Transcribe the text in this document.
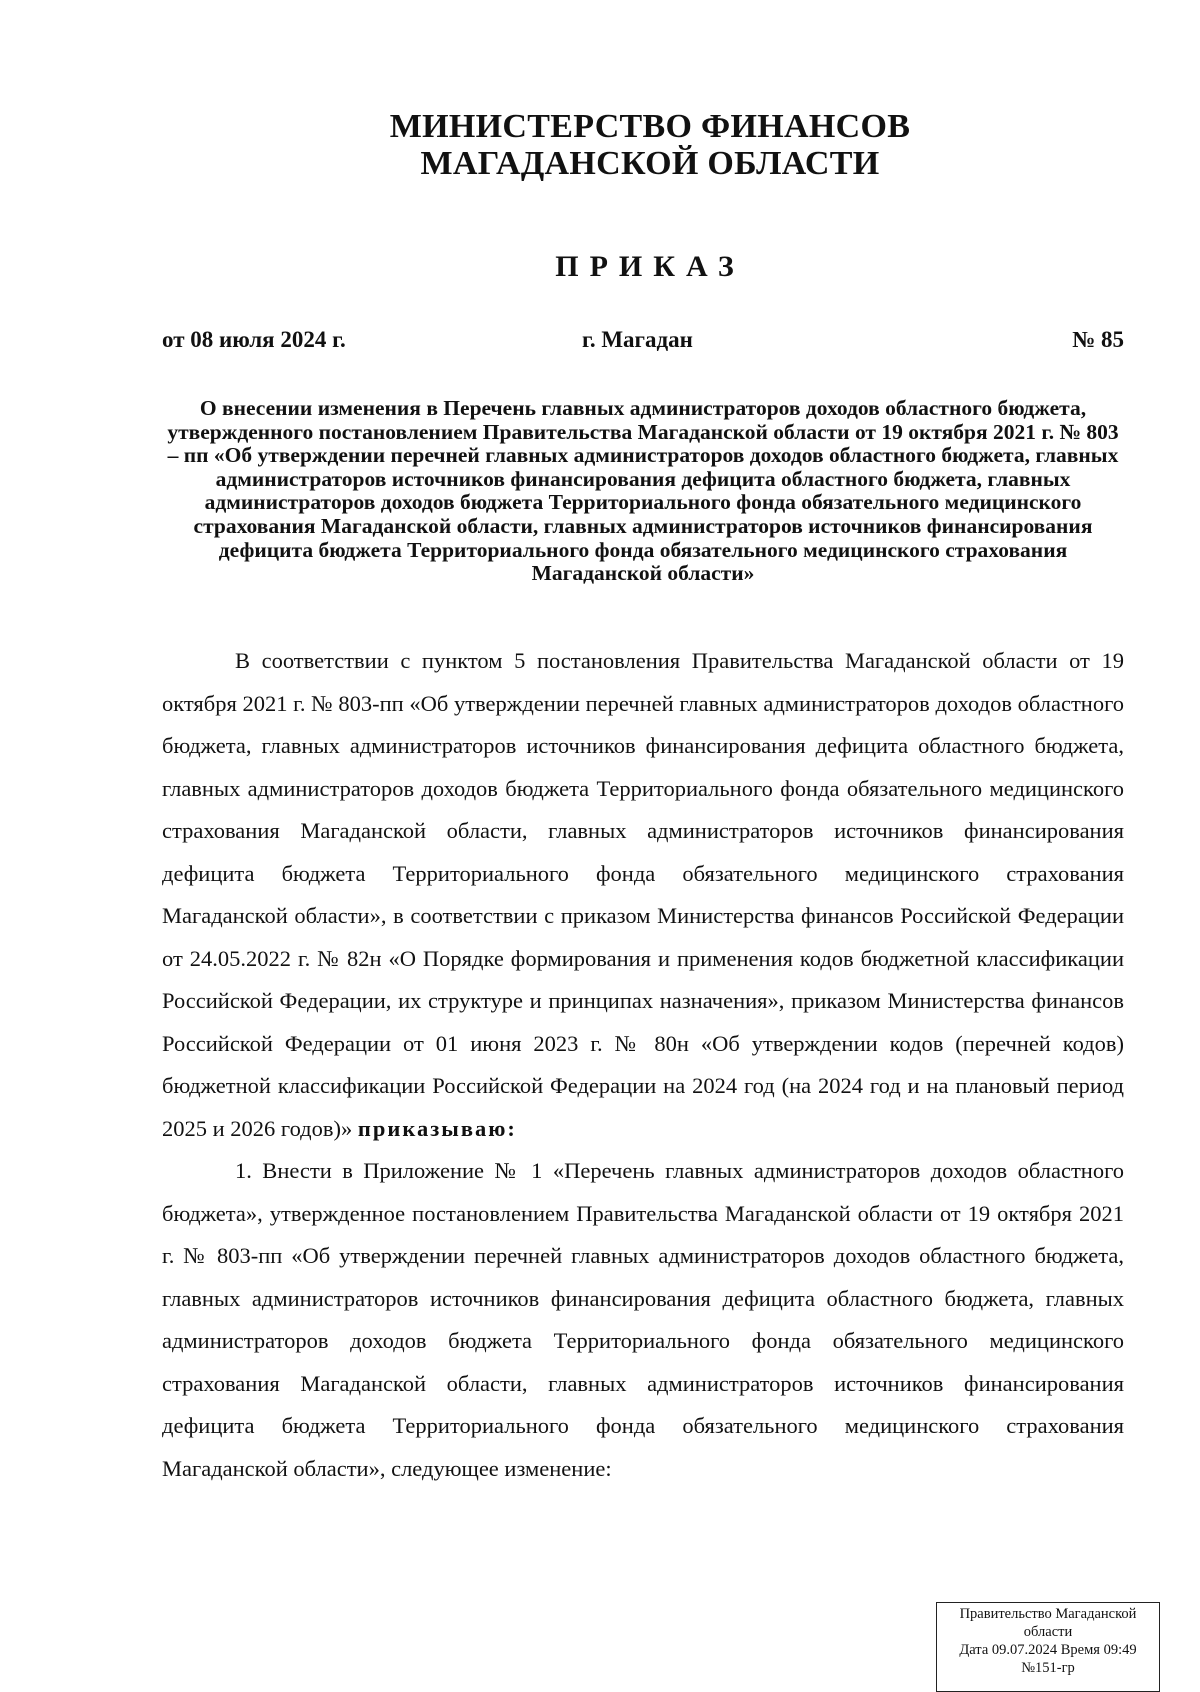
МИНИСТЕРСТВО ФИНАНСОВ
МАГАДАНСКОЙ ОБЛАСТИ
ПРИКАЗ
от 08 июля 2024 г.	г. Магадан	№ 85
О внесении изменения в Перечень главных администраторов доходов областного бюджета, утвержденного постановлением Правительства Магаданской области от 19 октября 2021 г. № 803 – пп «Об утверждении перечней главных администраторов доходов областного бюджета, главных администраторов источников финансирования дефицита областного бюджета, главных администраторов доходов бюджета Территориального фонда обязательного медицинского страхования Магаданской области, главных администраторов источников финансирования дефицита бюджета Территориального фонда обязательного медицинского страхования Магаданской области»

В соответствии с пунктом 5 постановления Правительства Магаданской области от 19 октября 2021 г. № 803-пп «Об утверждении перечней главных администраторов доходов областного бюджета, главных администраторов источников финансирования дефицита областного бюджета, главных администраторов доходов бюджета Территориального фонда обязательного медицинского страхования Магаданской области, главных администраторов источников финансирования дефицита бюджета Территориального фонда обязательного медицинского страхования Магаданской области», в соответствии с приказом Министерства финансов Российской Федерации от 24.05.2022 г. № 82н «О Порядке формирования и применения кодов бюджетной классификации Российской Федерации, их структуре и принципах назначения», приказом Министерства финансов Российской Федерации от 01 июня 2023 г. № 80н «Об утверждении кодов (перечней кодов) бюджетной классификации Российской Федерации на 2024 год (на 2024 год и на плановый период 2025 и 2026 годов)» приказываю:

1. Внести в Приложение № 1 «Перечень главных администраторов доходов областного бюджета», утвержденное постановлением Правительства Магаданской области от 19 октября 2021 г. № 803-пп «Об утверждении перечней главных администраторов доходов областного бюджета, главных администраторов источников финансирования дефицита областного бюджета, главных администраторов доходов бюджета Территориального фонда обязательного медицинского страхования Магаданской области, главных администраторов источников финансирования дефицита бюджета Территориального фонда обязательного медицинского страхования Магаданской области», следующее изменение:

Правительство Магаданской
области
Дата 09.07.2024 Время 09:49
№151-гр
